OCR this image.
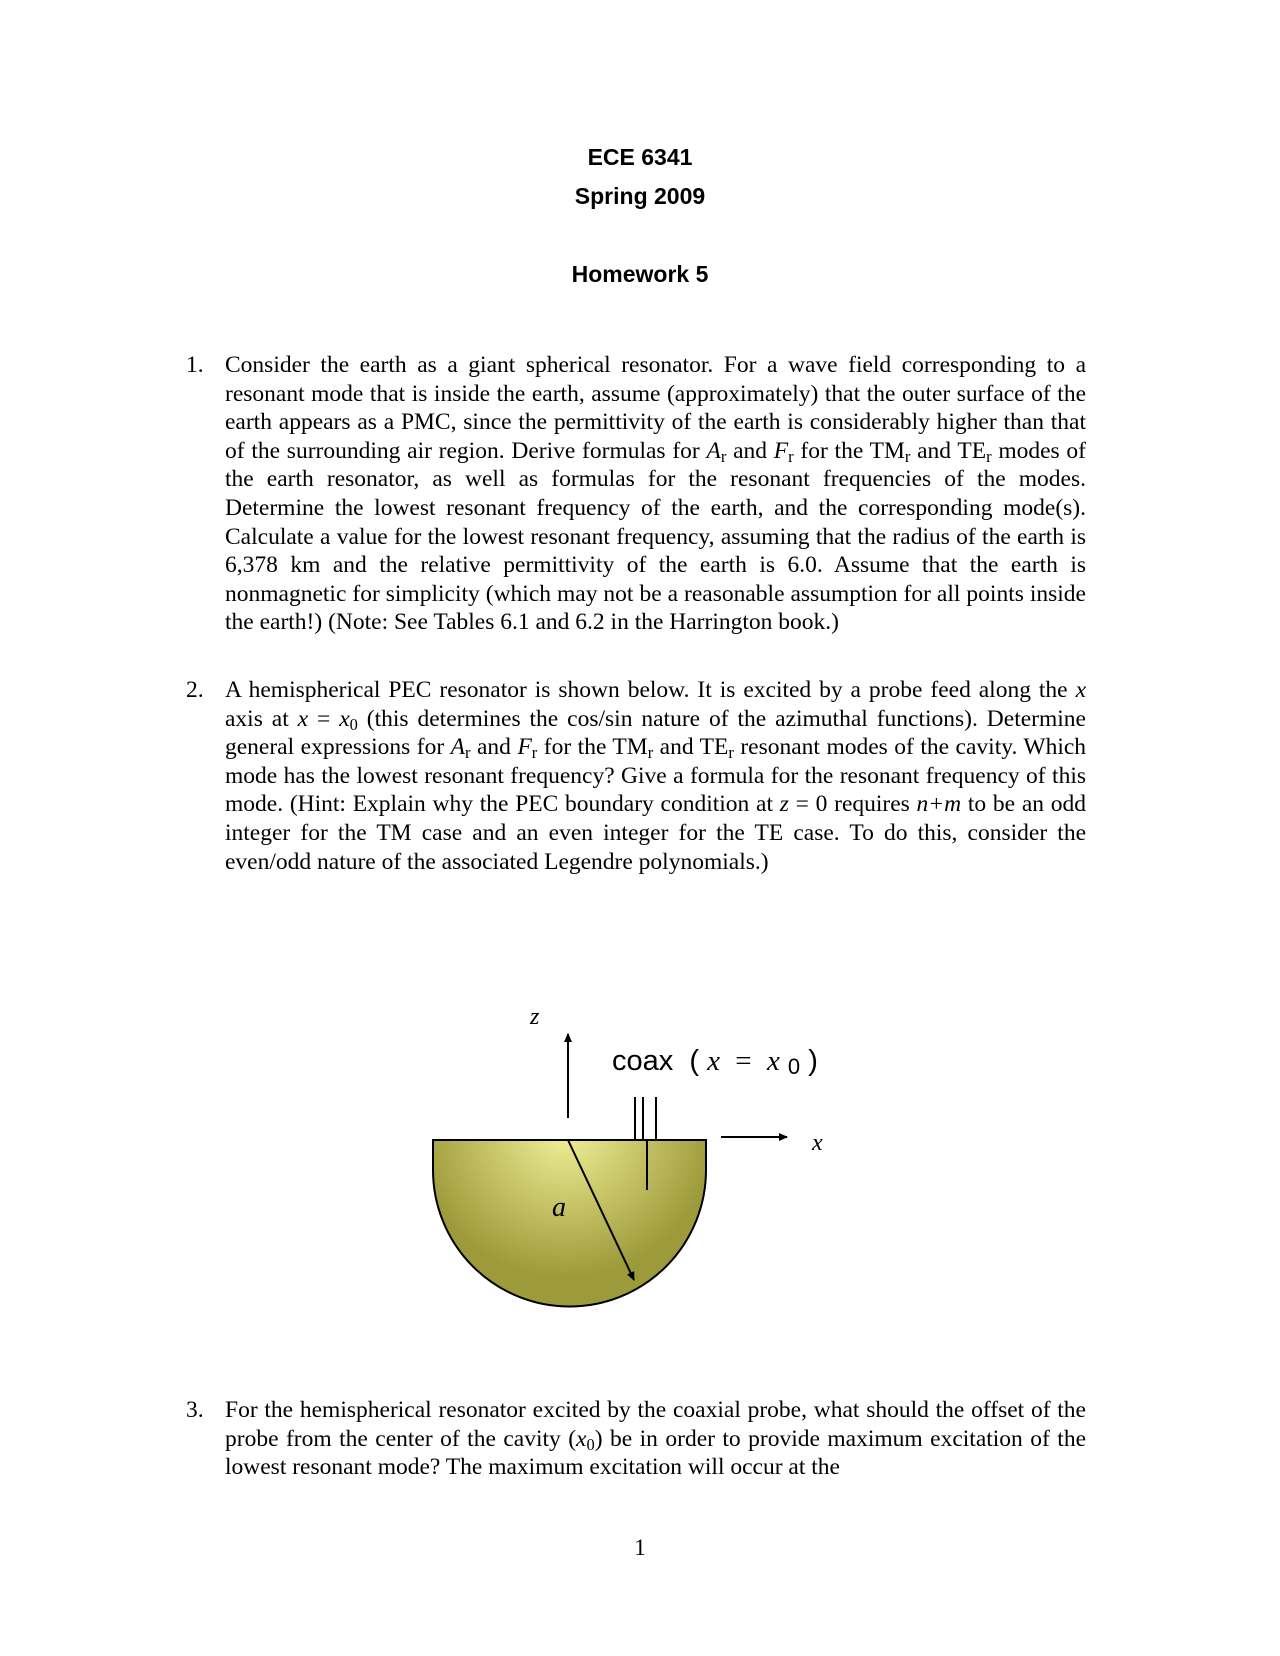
ECE 6341
Spring 2009
Homework 5
1. Consider the earth as a giant spherical resonator. For a wave field corresponding to a resonant mode that is inside the earth, assume (approximately) that the outer surface of the earth appears as a PMC, since the permittivity of the earth is considerably higher than that of the surrounding air region. Derive formulas for $A_r$ and $F_r$ for the $TM_r$ and $TE_r$ modes of the earth resonator, as well as formulas for the resonant frequencies of the modes. Determine the lowest resonant frequency of the earth, and the corresponding mode(s). Calculate a value for the lowest resonant frequency, assuming that the radius of the earth is 6,378 km and the relative permittivity of the earth is 6.0. Assume that the earth is nonmagnetic for simplicity (which may not be a reasonable assumption for all points inside the earth!) (Note: See Tables 6.1 and 6.2 in the Harrington book.)
2. A hemispherical PEC resonator is shown below. It is excited by a probe feed along the x axis at $x = x_0$ (this determines the cos/sin nature of the azimuthal functions). Determine general expressions for $A_r$ and $F_r$ for the $TM_r$ and $TE_r$ resonant modes of the cavity. Which mode has the lowest resonant frequency? Give a formula for the resonant frequency of this mode. (Hint: Explain why the PEC boundary condition at z = 0 requires n+m to be an odd integer for the TM case and an even integer for the TE case. To do this, consider the even/odd nature of the associated Legendre polynomials.)
z
x
a
coax  ( x  =  x 0 )
3. For the hemispherical resonator excited by the coaxial probe, what should the offset of the probe from the center of the cavity $(x_0)$ be in order to provide maximum excitation of the lowest resonant mode? The maximum excitation will occur at the
1
